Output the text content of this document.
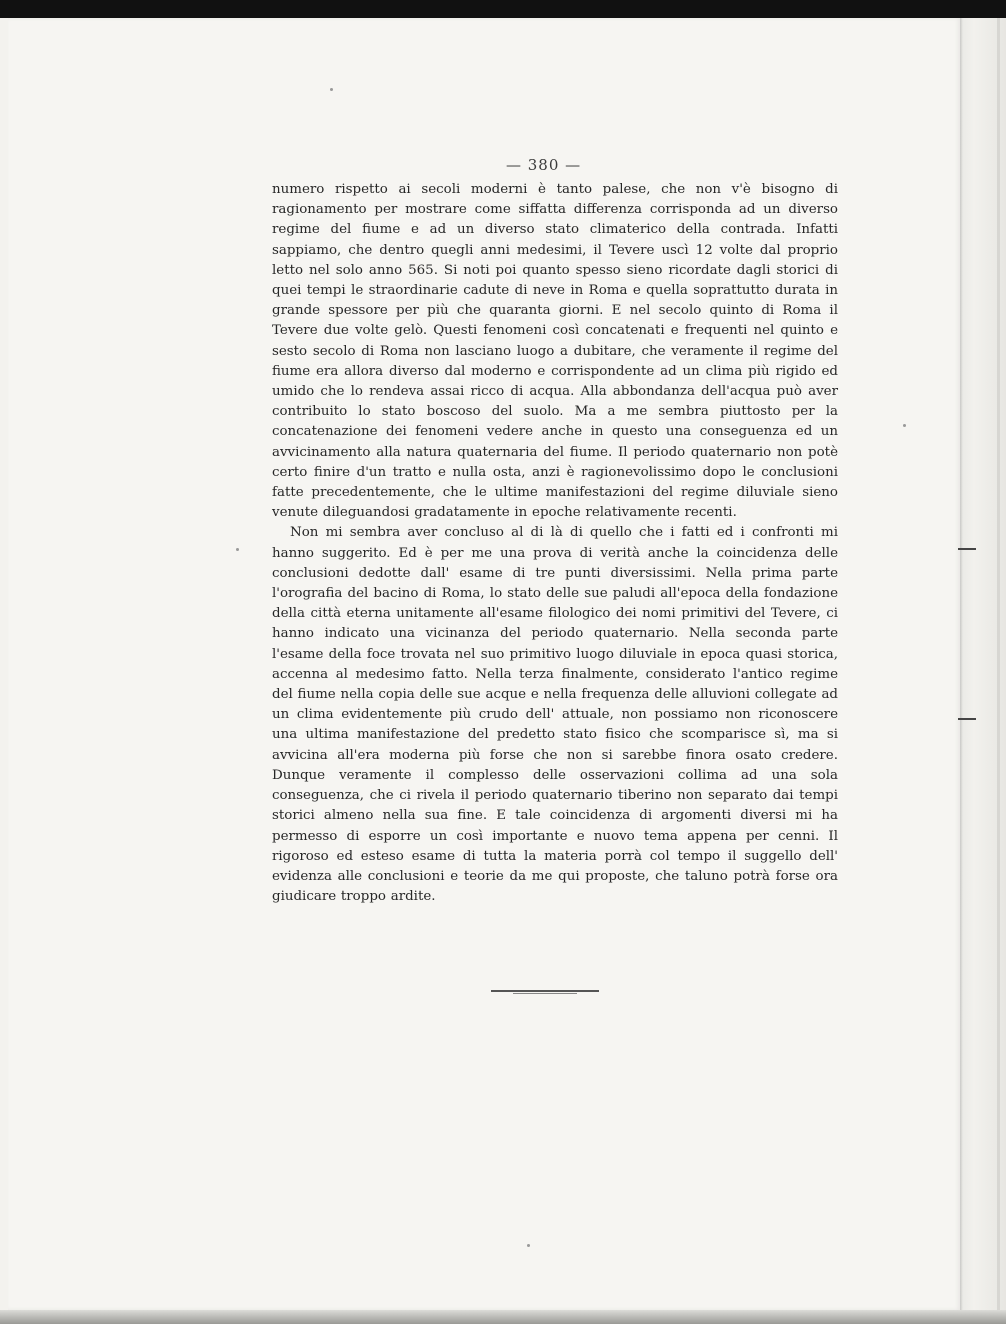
— 380 —

numero rispetto ai secoli moderni è tanto palese, che non v'è bisogno di ragionamento per mostrare come siffatta differenza corrisponda ad un diverso regime del fiume e ad un diverso stato climaterico della contrada. Infatti sappiamo, che dentro quegli anni medesimi, il Tevere uscì 12 volte dal proprio letto nel solo anno 565. Si noti poi quanto spesso sieno ricordate dagli storici di quei tempi le straordinarie cadute di neve in Roma e quella soprattutto durata in grande spessore per più che quaranta giorni. E nel secolo quinto di Roma il Tevere due volte gelò. Questi fenomeni così concatenati e frequenti nel quinto e sesto secolo di Roma non lasciano luogo a dubitare, che veramente il regime del fiume era allora diverso dal moderno e corrispondente ad un clima più rigido ed umido che lo rendeva assai ricco di acqua. Alla abbondanza dell'acqua può aver contribuito lo stato boscoso del suolo. Ma a me sembra piuttosto per la concatenazione dei fenomeni vedere anche in questo una conseguenza ed un avvicinamento alla natura quaternaria del fiume. Il periodo quaternario non potè certo finire d'un tratto e nulla osta, anzi è ragionevolissimo dopo le conclusioni fatte precedentemente, che le ultime manifestazioni del regime diluviale sieno venute dileguandosi gradatamente in epoche relativamente recenti.

Non mi sembra aver concluso al di là di quello che i fatti ed i confronti mi hanno suggerito. Ed è per me una prova di verità anche la coincidenza delle conclusioni dedotte dall' esame di tre punti diversissimi. Nella prima parte l'orografia del bacino di Roma, lo stato delle sue paludi all'epoca della fondazione della città eterna unitamente all'esame filologico dei nomi primitivi del Tevere, ci hanno indicato una vicinanza del periodo quaternario. Nella seconda parte l'esame della foce trovata nel suo primitivo luogo diluviale in epoca quasi storica, accenna al medesimo fatto. Nella terza finalmente, considerato l'antico regime del fiume nella copia delle sue acque e nella frequenza delle alluvioni collegate ad un clima evidentemente più crudo dell' attuale, non possiamo non riconoscere una ultima manifestazione del predetto stato fisico che scomparisce sì, ma si avvicina all'era moderna più forse che non si sarebbe finora osato credere. Dunque veramente il complesso delle osservazioni collima ad una sola conseguenza, che ci rivela il periodo quaternario tiberino non separato dai tempi storici almeno nella sua fine. E tale coincidenza di argomenti diversi mi ha permesso di esporre un così importante e nuovo tema appena per cenni. Il rigoroso ed esteso esame di tutta la materia porrà col tempo il suggello dell' evidenza alle conclusioni e teorie da me qui proposte, che taluno potrà forse ora giudicare troppo ardite.
